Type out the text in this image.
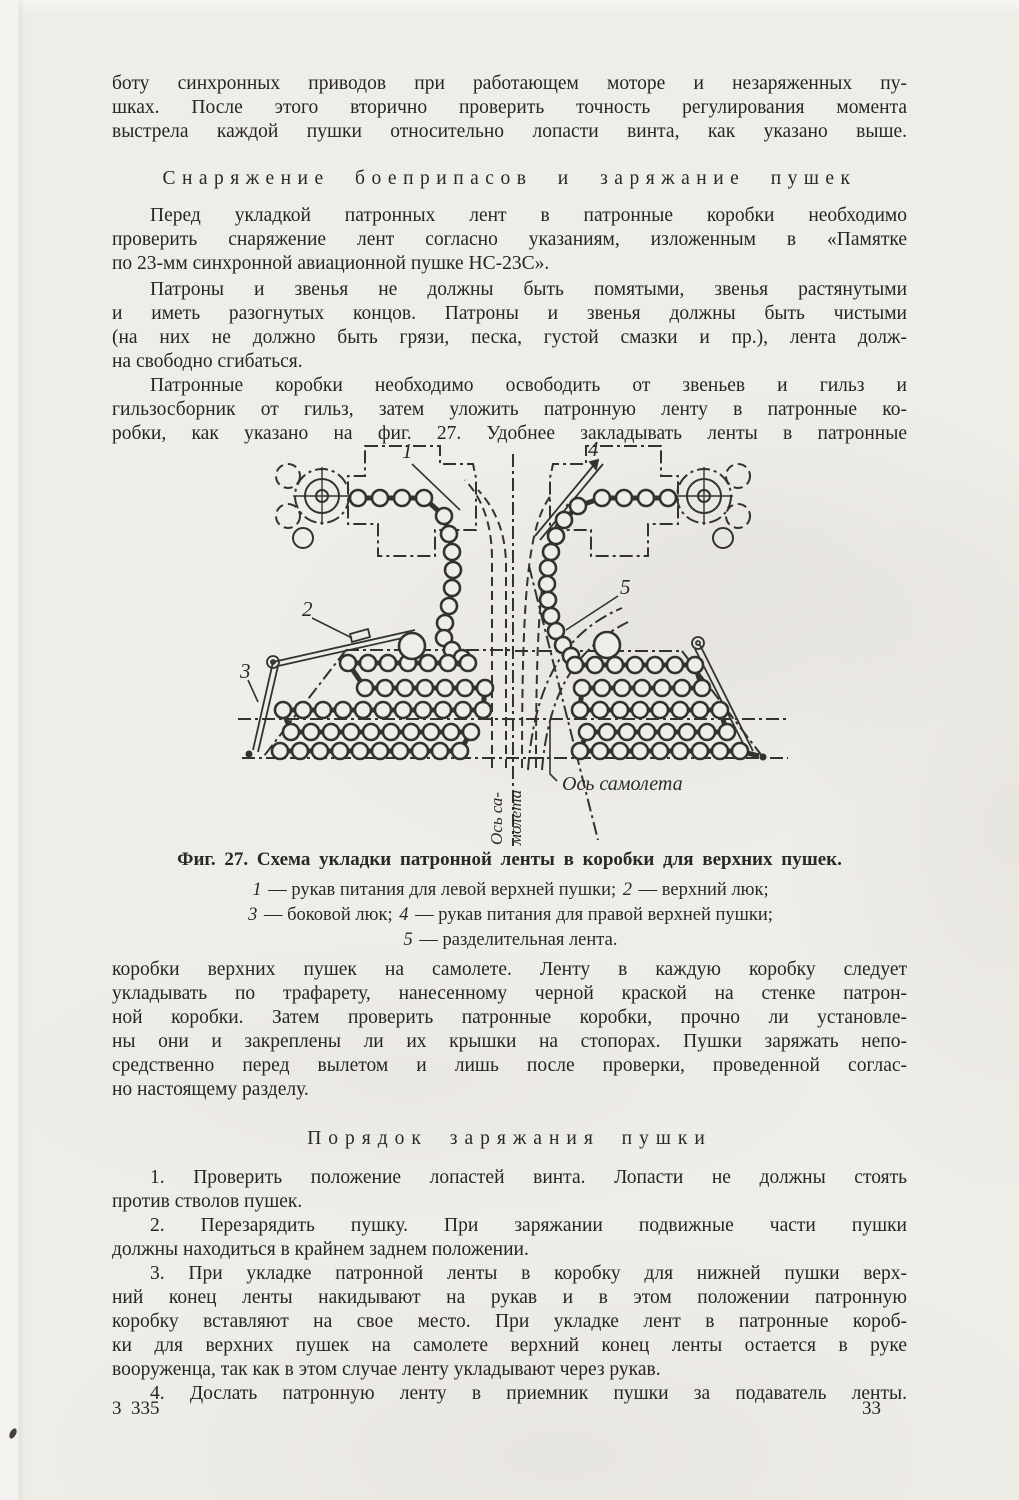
боту синхронных приводов при работающем моторе и незаряженных пу-
шках. После этого вторично проверить точность регулирования момента
выстрела каждой пушки относительно лопасти винта, как указано выше.
Снаряжение боеприпасов и заряжание пушек
Перед укладкой патронных лент в патронные коробки необходимо
проверить снаряжение лент согласно указаниям, изложенным в «Памятке
по 23-мм синхронной авиационной пушке НС-23С».
Патроны и звенья не должны быть помятыми, звенья растянутыми
и иметь разогнутых концов. Патроны и звенья должны быть чистыми
(на них не должно быть грязи, песка, густой смазки и пр.), лента долж-
на свободно сгибаться.
Патронные коробки необходимо освободить от звеньев и гильз и
гильзосборник от гильз, затем уложить патронную ленту в патронные ко-
робки, как указано на фиг. 27. Удобнее закладывать ленты в патронные
1	4
2
3
5
Ось самолета
Ось са- молета
Фиг. 27. Схема укладки патронной ленты в коробки для верхних пушек.
1 — рукав питания для левой верхней пушки; 2 — верхний люк;
3 — боковой люк; 4 — рукав питания для правой верхней пушки;
5 — разделительная лента.
коробки верхних пушек на самолете. Ленту в каждую коробку следует
укладывать по трафарету, нанесенному черной краской на стенке патрон-
ной коробки. Затем проверить патронные коробки, прочно ли установле-
ны они и закреплены ли их крышки на стопорах. Пушки заряжать непо-
средственно перед вылетом и лишь после проверки, проведенной соглас-
но настоящему разделу.
Порядок заряжания пушки
1. Проверить положение лопастей винта. Лопасти не должны стоять
против стволов пушек.
2. Перезарядить пушку. При заряжании подвижные части пушки
должны находиться в крайнем заднем положении.
3. При укладке патронной ленты в коробку для нижней пушки верх-
ний конец ленты накидывают на рукав и в этом положении патронную
коробку вставляют на свое место. При укладке лент в патронные короб-
ки для верхних пушек на самолете верхний конец ленты остается в руке
вооруженца, так как в этом случае ленту укладывают через рукав.
4. Дослать патронную ленту в приемник пушки за подаватель ленты.
3  335	33
